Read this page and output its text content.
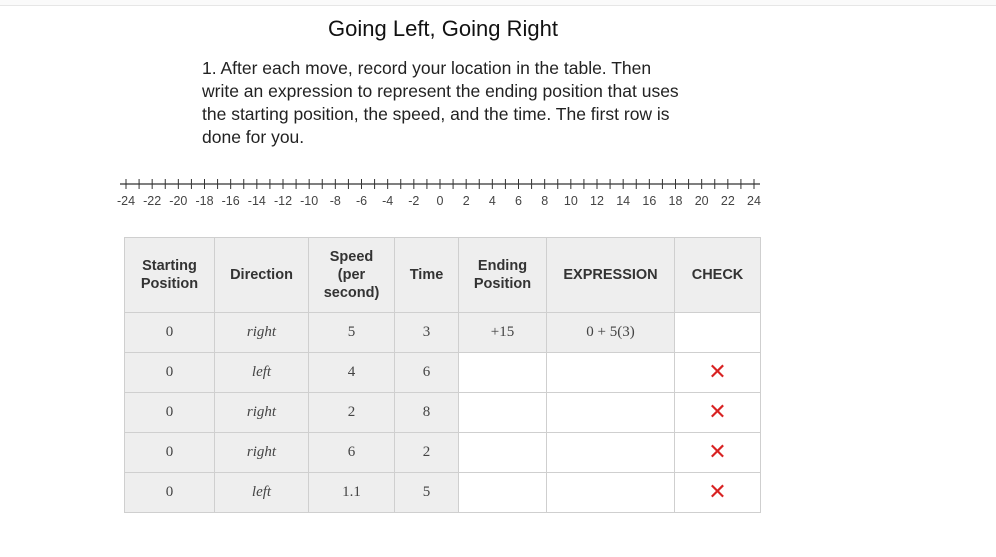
Going Left, Going Right
1. After each move, record your location in the table. Then write an expression to represent the ending position that uses the starting position, the speed, and the time. The first row is done for you.
-24 -22 -20 -18 -16 -14 -12 -10 -8 -6 -4 -2 0 2 4 6 8 10 12 14 16 18 20 22 24
Starting Position	Direction	Speed (per second)	Time	Ending Position	EXPRESSION	CHECK
0	right	5	3	+15	0 + 5(3)	
0	left	4	6			✕
0	right	2	8			✕
0	right	6	2			✕
0	left	1.1	5			✕
